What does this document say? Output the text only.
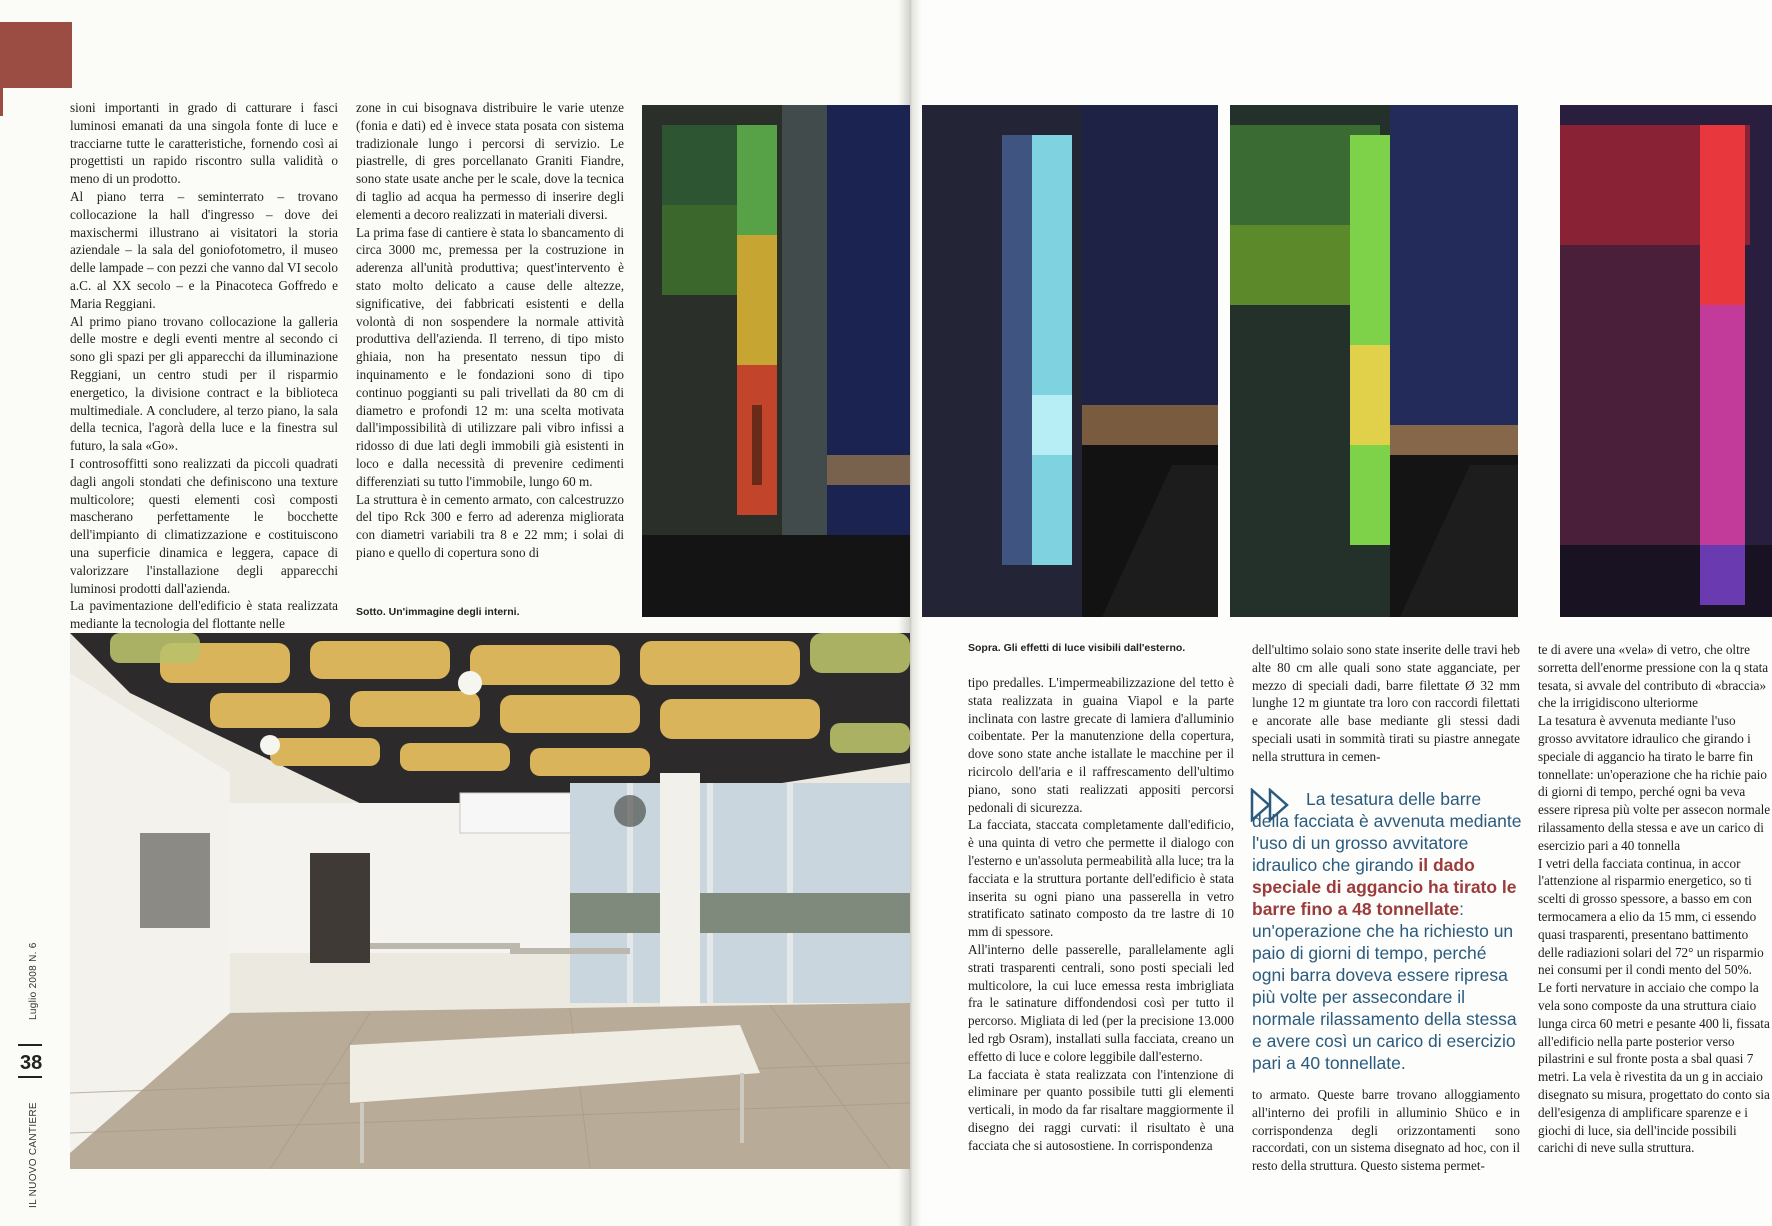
sioni importanti in grado di catturare i fasci luminosi emanati da una singola fonte di luce e tracciarne tutte le caratteristiche, fornendo così ai progettisti un rapido riscontro sulla validità o meno di un prodotto.

Al piano terra – seminterrato – trovano collocazione la hall d'ingresso – dove dei maxischermi illustrano ai visitatori la storia aziendale – la sala del goniofotometro, il museo delle lampade – con pezzi che vanno dal VI secolo a.C. al XX secolo – e la Pinacoteca Goffredo e Maria Reggiani.

Al primo piano trovano collocazione la galleria delle mostre e degli eventi mentre al secondo ci sono gli spazi per gli apparecchi da illuminazione Reggiani, un centro studi per il risparmio energetico, la divisione contract e la biblioteca multimediale. A concludere, al terzo piano, la sala della tecnica, l'agorà della luce e la finestra sul futuro, la sala «Go».

I controsoffitti sono realizzati da piccoli quadrati dagli angoli stondati che definiscono una texture multicolore; questi elementi così composti mascherano perfettamente le bocchette dell'impianto di climatizzazione e costituiscono una superficie dinamica e leggera, capace di valorizzare l'installazione degli apparecchi luminosi prodotti dall'azienda.

La pavimentazione dell'edificio è stata realizzata mediante la tecnologia del flottante nelle

zone in cui bisognava distribuire le varie utenze (fonia e dati) ed è invece stata posata con sistema tradizionale lungo i percorsi di servizio. Le piastrelle, di gres porcellanato Graniti Fiandre, sono state usate anche per le scale, dove la tecnica di taglio ad acqua ha permesso di inserire degli elementi a decoro realizzati in materiali diversi.

La prima fase di cantiere è stata lo sbancamento di circa 3000 mc, premessa per la costruzione in aderenza all'unità produttiva; quest'intervento è stato molto delicato a cause delle altezze, significative, dei fabbricati esistenti e della volontà di non sospendere la normale attività produttiva dell'azienda. Il terreno, di tipo misto ghiaia, non ha presentato nessun tipo di inquinamento e le fondazioni sono di tipo continuo poggianti su pali trivellati da 80 cm di diametro e profondi 12 m: una scelta motivata dall'impossibilità di utilizzare pali vibro infissi a ridosso di due lati degli immobili già esistenti in loco e dalla necessità di prevenire cedimenti differenziati su tutto l'immobile, lungo 60 m.

La struttura è in cemento armato, con calcestruzzo del tipo Rck 300 e ferro ad aderenza migliorata con diametri variabili tra 8 e 22 mm; i solai di piano e quello di copertura sono di

Sotto. Un'immagine degli interni.
Sopra. Gli effetti di luce visibili dall'esterno.

tipo predalles. L'impermeabilizzazione del tetto è stata realizzata in guaina Viapol e la parte inclinata con lastre grecate di lamiera d'alluminio coibentate. Per la manutenzione della copertura, dove sono state anche istallate le macchine per il ricircolo dell'aria e il raffrescamento dell'ultimo piano, sono stati realizzati appositi percorsi pedonali di sicurezza.

La facciata, staccata completamente dall'edificio, è una quinta di vetro che permette il dialogo con l'esterno e un'assoluta permeabilità alla luce; tra la facciata e la struttura portante dell'edificio è stata inserita su ogni piano una passerella in vetro stratificato satinato composto da tre lastre di 10 mm di spessore.

All'interno delle passerelle, parallelamente agli strati trasparenti centrali, sono posti speciali led multicolore, la cui luce emessa resta imbrigliata fra le satinature diffondendosi così per tutto il percorso. Migliata di led (per la precisione 13.000 led rgb Osram), installati sulla facciata, creano un effetto di luce e colore leggibile dall'esterno.

La facciata è stata realizzata con l'intenzione di eliminare per quanto possibile tutti gli elementi verticali, in modo da far risaltare maggiormente il disegno dei raggi curvati: il risultato è una facciata che si autosostiene. In corrispondenza

dell'ultimo solaio sono state inserite delle travi heb alte 80 cm alle quali sono state agganciate, per mezzo di speciali dadi, barre filettate Ø 32 mm lunghe 12 m giuntate tra loro con raccordi filettati e ancorate alle base mediante gli stessi dadi speciali usati in sommità tirati su piastre annegate nella struttura in cemen-

La tesatura delle barre della facciata è avvenuta mediante l'uso di un grosso avvitatore idraulico che girando il dado speciale di aggancio ha tirato le barre fino a 48 tonnellate: un'operazione che ha richiesto un paio di giorni di tempo, perché ogni barra doveva essere ripresa più volte per assecondare il normale rilassamento della stessa e avere così un carico di esercizio pari a 40 tonnellate.

to armato. Queste barre trovano alloggiamento all'interno dei profili in alluminio Shüco e in corrispondenza degli orizzontamenti sono raccordati, con un sistema disegnato ad hoc, con il resto della struttura. Questo sistema permet-

te di avere una «vela» di vetro, che oltre sorretta dell'enorme pressione con la q stata tesata, si avvale del contributo di «braccia» che la irrigidiscono ulteriorme

La tesatura è avvenuta mediante l'uso grosso avvitatore idraulico che girando i speciale di aggancio ha tirato le barre fin tonnellate: un'operazione che ha richie paio di giorni di tempo, perché ogni ba veva essere ripresa più volte per assecon normale rilassamento della stessa e ave un carico di esercizio pari a 40 tonnella

I vetri della facciata continua, in accor l'attenzione al risparmio energetico, so ti scelti di grosso spessore, a basso em con termocamera a elio da 15 mm, ci essendo quasi trasparenti, presentano battimento delle radiazioni solari del 72° un risparmio nei consumi per il condi mento del 50%.

Le forti nervature in acciaio che compo la vela sono composte da una struttura ciaio lunga circa 60 metri e pesante 400 li, fissata all'edificio nella parte posterior verso pilastrini e sul fronte posta a sbal quasi 7 metri. La vela è rivestita da un g in acciaio disegnato su misura, progettato do conto sia dell'esigenza di amplificare sparenze e i giochi di luce, sia dell'incide possibili carichi di neve sulla struttura.

38
Luglio 2008 N. 6
IL NUOVO CANTIERE
